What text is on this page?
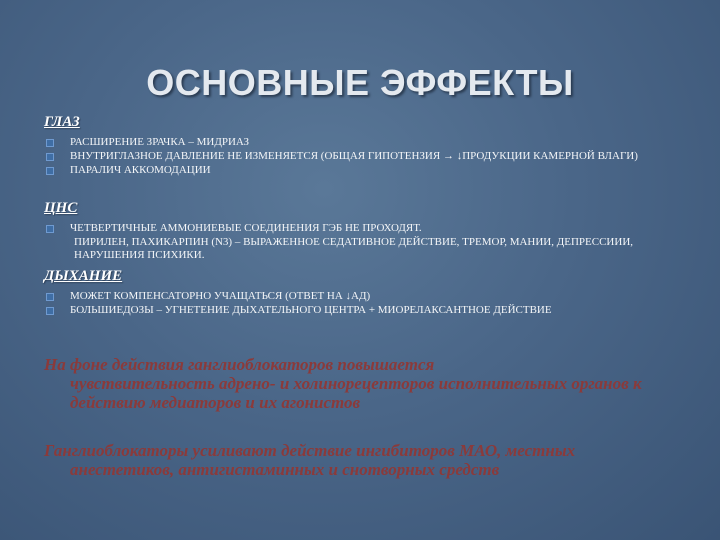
ОСНОВНЫЕ ЭФФЕКТЫ
ГЛАЗ
РАСШИРЕНИЕ ЗРАЧКА – МИДРИАЗ
ВНУТРИГЛАЗНОЕ ДАВЛЕНИЕ НЕ ИЗМЕНЯЕТСЯ (ОБЩАЯ ГИПОТЕНЗИЯ → ↓ПРОДУКЦИИ КАМЕРНОЙ ВЛАГИ)
ПАРАЛИЧ АККОМОДАЦИИ
ЦНС
ЧЕТВЕРТИЧНЫЕ АММОНИЕВЫЕ СОЕДИНЕНИЯ ГЭБ НЕ ПРОХОДЯТ.
ПИРИЛЕН, ПАХИКАРПИН (N3) – ВЫРАЖЕННОЕ СЕДАТИВНОЕ ДЕЙСТВИЕ, ТРЕМОР, МАНИИ, ДЕПРЕССИИИ, НАРУШЕНИЯ ПСИХИКИ.
ДЫХАНИЕ
МОЖЕТ КОМПЕНСАТОРНО УЧАЩАТЬСЯ (ОТВЕТ НА ↓АД)
БОЛЬШИЕДОЗЫ – УГНЕТЕНИЕ ДЫХАТЕЛЬНОГО ЦЕНТРА + МИОРЕЛАКСАНТНОЕ ДЕЙСТВИЕ
На фоне действия ганглиоблокаторов повышается
чувствительность адрено- и холинорецепторов исполнительных органов к действию медиаторов и их агонистов
Ганглиоблокаторы усиливают действие ингибиторов МАО, местных
анестетиков, антигистаминных и снотворных средств
